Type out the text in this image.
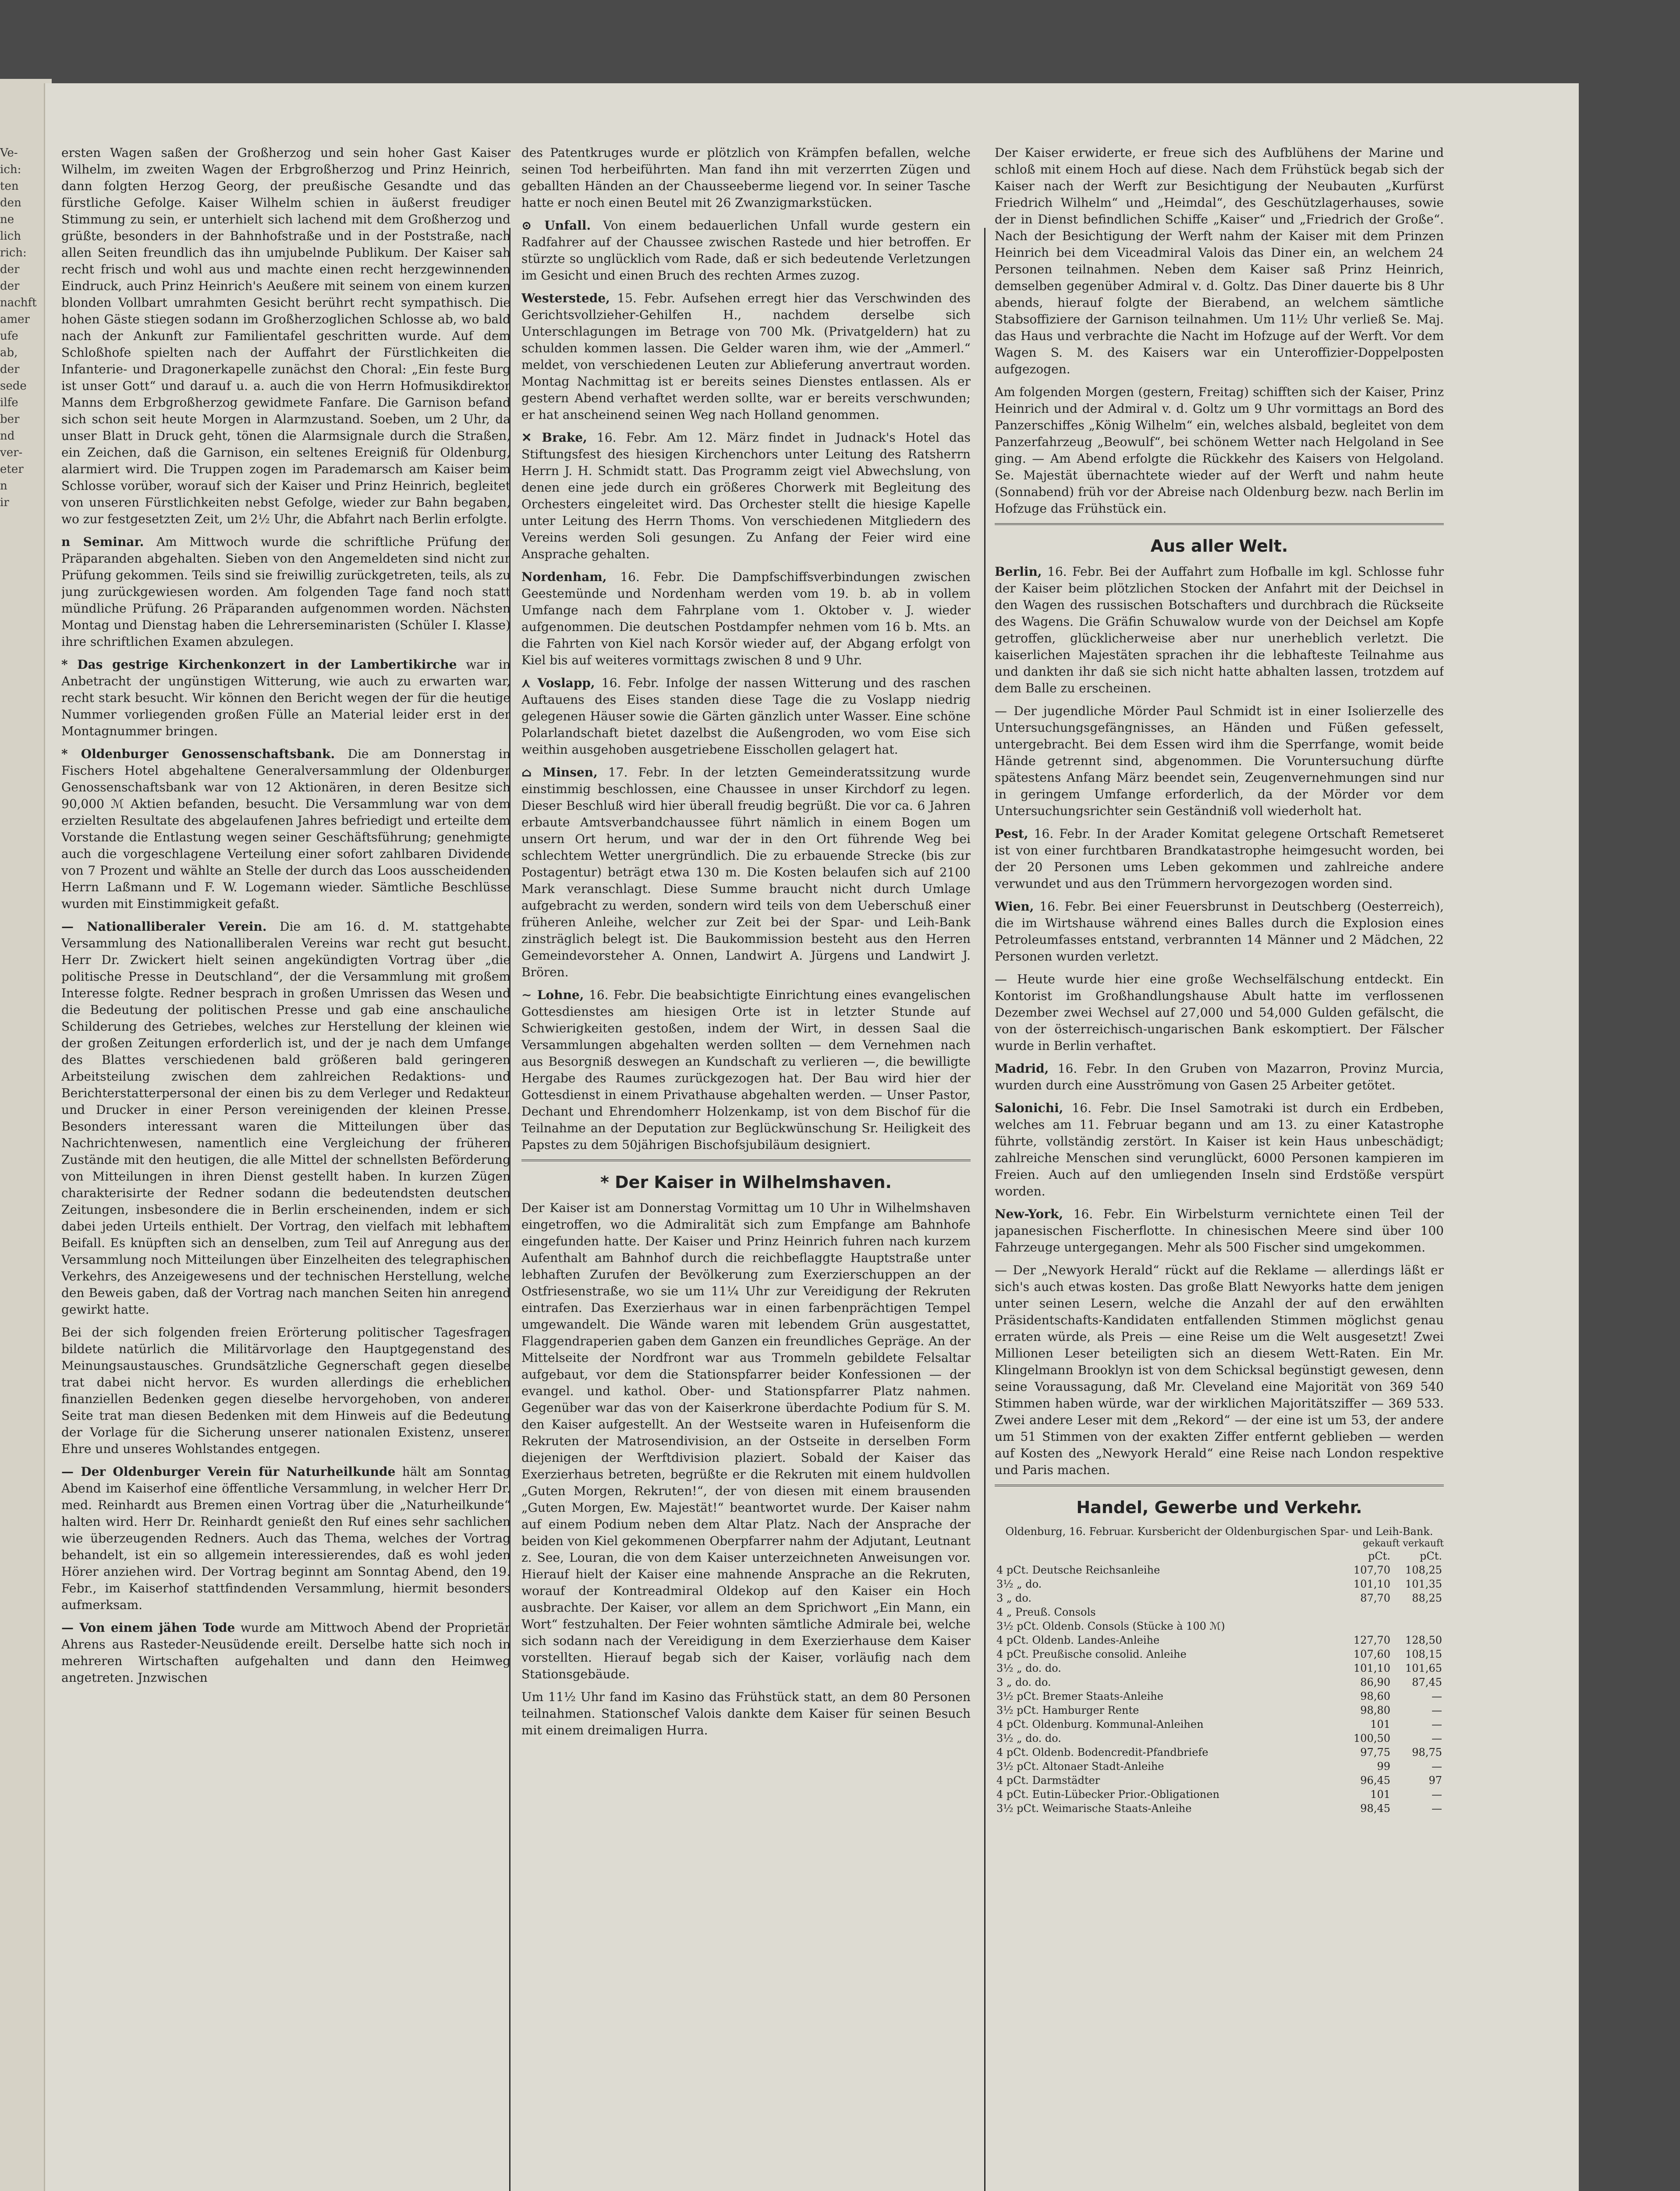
Ve-
ich:
ten
den
ne
lich
rich:
der
der
nachft
amer
ufe
ab,
der
sede
ilfe
ber
nd
ver-
eter
n
ir

ersten Wagen saßen der Großherzog und sein hoher Gast Kaiser Wilhelm, im zweiten Wagen der Erbgroßherzog und Prinz Heinrich, dann folgten Herzog Georg, der preußische Gesandte und das fürstliche Gefolge. Kaiser Wilhelm schien in äußerst freudiger Stimmung zu sein, er unterhielt sich lachend mit dem Großherzog und grüßte, besonders in der Bahnhofstraße und in der Poststraße, nach allen Seiten freundlich das ihn umjubelnde Publikum. Der Kaiser sah recht frisch und wohl aus und machte einen recht herzgewinnenden Eindruck, auch Prinz Heinrich's Aeußere mit seinem von einem kurzen blonden Vollbart umrahmten Gesicht berührt recht sympathisch. Die hohen Gäste stiegen sodann im Großherzoglichen Schlosse ab, wo bald nach der Ankunft zur Familientafel geschritten wurde. Auf dem Schloßhofe spielten nach der Auffahrt der Fürstlichkeiten die Infanterie- und Dragonerkapelle zunächst den Choral: „Ein feste Burg ist unser Gott“ und darauf u. a. auch die von Herrn Hofmusikdirektor Manns dem Erbgroßherzog gewidmete Fanfare. Die Garnison befand sich schon seit heute Morgen in Alarmzustand. Soeben, um 2 Uhr, da unser Blatt in Druck geht, tönen die Alarmsignale durch die Straßen, ein Zeichen, daß die Garnison, ein seltenes Ereigniß für Oldenburg, alarmiert wird. Die Truppen zogen im Parademarsch am Kaiser beim Schlosse vorüber, worauf sich der Kaiser und Prinz Heinrich, begleitet von unseren Fürstlichkeiten nebst Gefolge, wieder zur Bahn begaben, wo zur festgesetzten Zeit, um 2½ Uhr, die Abfahrt nach Berlin erfolgte.

n Seminar. Am Mittwoch wurde die schriftliche Prüfung der Präparanden abgehalten. Sieben von den Angemeldeten sind nicht zur Prüfung gekommen. Teils sind sie freiwillig zurückgetreten, teils, als zu jung zurückgewiesen worden. Am folgenden Tage fand noch statt mündliche Prüfung. 26 Präparanden aufgenommen worden. Nächsten Montag und Dienstag haben die Lehrerseminaristen (Schüler I. Klasse) ihre schriftlichen Examen abzulegen.

* Das gestrige Kirchenkonzert in der Lambertikirche war in Anbetracht der ungünstigen Witterung, wie auch zu erwarten war, recht stark besucht. Wir können den Bericht wegen der für die heutige Nummer vorliegenden großen Fülle an Material leider erst in der Montagnummer bringen.

* Oldenburger Genossenschaftsbank. Die am Donnerstag in Fischers Hotel abgehaltene Generalversammlung der Oldenburger Genossenschaftsbank war von 12 Aktionären, in deren Besitze sich 90,000 ℳ Aktien befanden, besucht. Die Versammlung war von dem erzielten Resultate des abgelaufenen Jahres befriedigt und erteilte dem Vorstande die Entlastung wegen seiner Geschäftsführung; genehmigte auch die vorgeschlagene Verteilung einer sofort zahlbaren Dividende von 7 Prozent und wählte an Stelle der durch das Loos ausscheidenden Herrn Laßmann und F. W. Logemann wieder. Sämtliche Beschlüsse wurden mit Einstimmigkeit gefaßt.

— Nationalliberaler Verein. Die am 16. d. M. stattgehabte Versammlung des Nationalliberalen Vereins war recht gut besucht. Herr Dr. Zwickert hielt seinen angekündigten Vortrag über „die politische Presse in Deutschland“, der die Versammlung mit großem Interesse folgte. Redner besprach in großen Umrissen das Wesen und die Bedeutung der politischen Presse und gab eine anschauliche Schilderung des Getriebes, welches zur Herstellung der kleinen wie der großen Zeitungen erforderlich ist, und der je nach dem Umfange des Blattes verschiedenen bald größeren bald geringeren Arbeitsteilung zwischen dem zahlreichen Redaktions- und Berichterstatterpersonal der einen bis zu dem Verleger und Redakteur und Drucker in einer Person vereinigenden der kleinen Presse. Besonders interessant waren die Mitteilungen über das Nachrichtenwesen, namentlich eine Vergleichung der früheren Zustände mit den heutigen, die alle Mittel der schnellsten Beförderung von Mitteilungen in ihren Dienst gestellt haben. In kurzen Zügen charakterisirte der Redner sodann die bedeutendsten deutschen Zeitungen, insbesondere die in Berlin erscheinenden, indem er sich dabei jeden Urteils enthielt. Der Vortrag, den vielfach mit lebhaftem Beifall. Es knüpften sich an denselben, zum Teil auf Anregung aus der Versammlung noch Mitteilungen über Einzelheiten des telegraphischen Verkehrs, des Anzeigewesens und der technischen Herstellung, welche den Beweis gaben, daß der Vortrag nach manchen Seiten hin anregend gewirkt hatte.

Bei der sich folgenden freien Erörterung politischer Tagesfragen bildete natürlich die Militärvorlage den Hauptgegenstand des Meinungsaustausches. Grundsätzliche Gegnerschaft gegen dieselbe trat dabei nicht hervor. Es wurden allerdings die erheblichen finanziellen Bedenken gegen dieselbe hervorgehoben, von anderer Seite trat man diesen Bedenken mit dem Hinweis auf die Bedeutung der Vorlage für die Sicherung unserer nationalen Existenz, unserer Ehre und unseres Wohlstandes entgegen.

— Der Oldenburger Verein für Naturheilkunde hält am Sonntag Abend im Kaiserhof eine öffentliche Versammlung, in welcher Herr Dr. med. Reinhardt aus Bremen einen Vortrag über die „Naturheilkunde“ halten wird. Herr Dr. Reinhardt genießt den Ruf eines sehr sachlichen wie überzeugenden Redners. Auch das Thema, welches der Vortrag behandelt, ist ein so allgemein interessierendes, daß es wohl jeden Hörer anziehen wird. Der Vortrag beginnt am Sonntag Abend, den 19. Febr., im Kaiserhof stattfindenden Versammlung, hiermit besonders aufmerksam.

— Von einem jähen Tode wurde am Mittwoch Abend der Proprietär Ahrens aus Rasteder-Neusüdende ereilt. Derselbe hatte sich noch in mehreren Wirtschaften aufgehalten und dann den Heimweg angetreten. Jnzwischen

des Patentkruges wurde er plötzlich von Krämpfen befallen, welche seinen Tod herbeiführten. Man fand ihn mit verzerrten Zügen und geballten Händen an der Chausseeberme liegend vor. In seiner Tasche hatte er noch einen Beutel mit 26 Zwanzigmarkstücken.

⊙ Unfall. Von einem bedauerlichen Unfall wurde gestern ein Radfahrer auf der Chaussee zwischen Rastede und hier betroffen. Er stürzte so unglücklich vom Rade, daß er sich bedeutende Verletzungen im Gesicht und einen Bruch des rechten Armes zuzog.

Westerstede, 15. Febr. Aufsehen erregt hier das Verschwinden des Gerichtsvollzieher-Gehilfen H., nachdem derselbe sich Unterschlagungen im Betrage von 700 Mk. (Privatgeldern) hat zu schulden kommen lassen. Die Gelder waren ihm, wie der „Ammerl.“ meldet, von verschiedenen Leuten zur Ablieferung anvertraut worden. Montag Nachmittag ist er bereits seines Dienstes entlassen. Als er gestern Abend verhaftet werden sollte, war er bereits verschwunden; er hat anscheinend seinen Weg nach Holland genommen.

✕ Brake, 16. Febr. Am 12. März findet in Judnack's Hotel das Stiftungsfest des hiesigen Kirchenchors unter Leitung des Ratsherrn Herrn J. H. Schmidt statt. Das Programm zeigt viel Abwechslung, von denen eine jede durch ein größeres Chorwerk mit Begleitung des Orchesters eingeleitet wird. Das Orchester stellt die hiesige Kapelle unter Leitung des Herrn Thoms. Von verschiedenen Mitgliedern des Vereins werden Soli gesungen. Zu Anfang der Feier wird eine Ansprache gehalten.

Nordenham, 16. Febr. Die Dampfschiffsverbindungen zwischen Geestemünde und Nordenham werden vom 19. b. ab in vollem Umfange nach dem Fahrplane vom 1. Oktober v. J. wieder aufgenommen. Die deutschen Postdampfer nehmen vom 16 b. Mts. an die Fahrten von Kiel nach Korsör wieder auf, der Abgang erfolgt von Kiel bis auf weiteres vormittags zwischen 8 und 9 Uhr.

⋏ Voslapp, 16. Febr. Infolge der nassen Witterung und des raschen Auftauens des Eises standen diese Tage die zu Voslapp niedrig gelegenen Häuser sowie die Gärten gänzlich unter Wasser. Eine schöne Polarlandschaft bietet dazelbst die Außengroden, wo vom Eise sich weithin ausgehoben ausgetriebene Eisschollen gelagert hat.

⌂ Minsen, 17. Febr. In der letzten Gemeinderatssitzung wurde einstimmig beschlossen, eine Chaussee in unser Kirchdorf zu legen. Dieser Beschluß wird hier überall freudig begrüßt. Die vor ca. 6 Jahren erbaute Amtsverbandchaussee führt nämlich in einem Bogen um unsern Ort herum, und war der in den Ort führende Weg bei schlechtem Wetter unergründlich. Die zu erbauende Strecke (bis zur Postagentur) beträgt etwa 130 m. Die Kosten belaufen sich auf 2100 Mark veranschlagt. Diese Summe braucht nicht durch Umlage aufgebracht zu werden, sondern wird teils von dem Ueberschuß einer früheren Anleihe, welcher zur Zeit bei der Spar- und Leih-Bank zinsträglich belegt ist. Die Baukommission besteht aus den Herren Gemeindevorsteher A. Onnen, Landwirt A. Jürgens und Landwirt J. Brören.

∼ Lohne, 16. Febr. Die beabsichtigte Einrichtung eines evangelischen Gottesdienstes am hiesigen Orte ist in letzter Stunde auf Schwierigkeiten gestoßen, indem der Wirt, in dessen Saal die Versammlungen abgehalten werden sollten — dem Vernehmen nach aus Besorgniß deswegen an Kundschaft zu verlieren —, die bewilligte Hergabe des Raumes zurückgezogen hat. Der Bau wird hier der Gottesdienst in einem Privathause abgehalten werden. — Unser Pastor, Dechant und Ehrendomherr Holzenkamp, ist von dem Bischof für die Teilnahme an der Deputation zur Beglückwünschung Sr. Heiligkeit des Papstes zu dem 50jährigen Bischofsjubiläum designiert.

* Der Kaiser in Wilhelmshaven.

Der Kaiser ist am Donnerstag Vormittag um 10 Uhr in Wilhelmshaven eingetroffen, wo die Admiralität sich zum Empfange am Bahnhofe eingefunden hatte. Der Kaiser und Prinz Heinrich fuhren nach kurzem Aufenthalt am Bahnhof durch die reichbeflaggte Hauptstraße unter lebhaften Zurufen der Bevölkerung zum Exerzierschuppen an der Ostfriesenstraße, wo sie um 11¼ Uhr zur Vereidigung der Rekruten eintrafen. Das Exerzierhaus war in einen farbenprächtigen Tempel umgewandelt. Die Wände waren mit lebendem Grün ausgestattet, Flaggendraperien gaben dem Ganzen ein freundliches Gepräge. An der Mittelseite der Nordfront war aus Trommeln gebildete Felsaltar aufgebaut, vor dem die Stationspfarrer beider Konfessionen — der evangel. und kathol. Ober- und Stationspfarrer Platz nahmen. Gegenüber war das von der Kaiserkrone überdachte Podium für S. M. den Kaiser aufgestellt. An der Westseite waren in Hufeisenform die Rekruten der Matrosendivision, an der Ostseite in derselben Form diejenigen der Werftdivision plaziert. Sobald der Kaiser das Exerzierhaus betreten, begrüßte er die Rekruten mit einem huldvollen „Guten Morgen, Rekruten!“, der von diesen mit einem brausenden „Guten Morgen, Ew. Majestät!“ beantwortet wurde. Der Kaiser nahm auf einem Podium neben dem Altar Platz. Nach der Ansprache der beiden von Kiel gekommenen Oberpfarrer nahm der Adjutant, Leutnant z. See, Louran, die von dem Kaiser unterzeichneten Anweisungen vor. Hierauf hielt der Kaiser eine mahnende Ansprache an die Rekruten, worauf der Kontreadmiral Oldekop auf den Kaiser ein Hoch ausbrachte. Der Kaiser, vor allem an dem Sprichwort „Ein Mann, ein Wort“ festzuhalten. Der Feier wohnten sämtliche Admirale bei, welche sich sodann nach der Vereidigung in dem Exerzierhause dem Kaiser vorstellten. Hierauf begab sich der Kaiser, vorläufig nach dem Stationsgebäude.

Um 11½ Uhr fand im Kasino das Frühstück statt, an dem 80 Personen teilnahmen. Stationschef Valois dankte dem Kaiser für seinen Besuch mit einem dreimaligen Hurra.

Der Kaiser erwiderte, er freue sich des Aufblühens der Marine und schloß mit einem Hoch auf diese. Nach dem Frühstück begab sich der Kaiser nach der Werft zur Besichtigung der Neubauten „Kurfürst Friedrich Wilhelm“ und „Heimdal“, des Geschützlagerhauses, sowie der in Dienst befindlichen Schiffe „Kaiser“ und „Friedrich der Große“. Nach der Besichtigung der Werft nahm der Kaiser mit dem Prinzen Heinrich bei dem Viceadmiral Valois das Diner ein, an welchem 24 Personen teilnahmen. Neben dem Kaiser saß Prinz Heinrich, demselben gegenüber Admiral v. d. Goltz. Das Diner dauerte bis 8 Uhr abends, hierauf folgte der Bierabend, an welchem sämtliche Stabsoffiziere der Garnison teilnahmen. Um 11½ Uhr verließ Se. Maj. das Haus und verbrachte die Nacht im Hofzuge auf der Werft. Vor dem Wagen S. M. des Kaisers war ein Unteroffizier-Doppelposten aufgezogen.

Am folgenden Morgen (gestern, Freitag) schifften sich der Kaiser, Prinz Heinrich und der Admiral v. d. Goltz um 9 Uhr vormittags an Bord des Panzerschiffes „König Wilhelm“ ein, welches alsbald, begleitet von dem Panzerfahrzeug „Beowulf“, bei schönem Wetter nach Helgoland in See ging. — Am Abend erfolgte die Rückkehr des Kaisers von Helgoland. Se. Majestät übernachtete wieder auf der Werft und nahm heute (Sonnabend) früh vor der Abreise nach Oldenburg bezw. nach Berlin im Hofzuge das Frühstück ein.

Aus aller Welt.

Berlin, 16. Febr. Bei der Auffahrt zum Hofballe im kgl. Schlosse fuhr der Kaiser beim plötzlichen Stocken der Anfahrt mit der Deichsel in den Wagen des russischen Botschafters und durchbrach die Rückseite des Wagens. Die Gräfin Schuwalow wurde von der Deichsel am Kopfe getroffen, glücklicherweise aber nur unerheblich verletzt. Die kaiserlichen Majestäten sprachen ihr die lebhafteste Teilnahme aus und dankten ihr daß sie sich nicht hatte abhalten lassen, trotzdem auf dem Balle zu erscheinen.

— Der jugendliche Mörder Paul Schmidt ist in einer Isolierzelle des Untersuchungsgefängnisses, an Händen und Füßen gefesselt, untergebracht. Bei dem Essen wird ihm die Sperrfange, womit beide Hände getrennt sind, abgenommen. Die Voruntersuchung dürfte spätestens Anfang März beendet sein, Zeugenvernehmungen sind nur in geringem Umfange erforderlich, da der Mörder vor dem Untersuchungsrichter sein Geständniß voll wiederholt hat.

Pest, 16. Febr. In der Arader Komitat gelegene Ortschaft Remetseret ist von einer furchtbaren Brandkatastrophe heimgesucht worden, bei der 20 Personen ums Leben gekommen und zahlreiche andere verwundet und aus den Trümmern hervorgezogen worden sind.

Wien, 16. Febr. Bei einer Feuersbrunst in Deutschberg (Oesterreich), die im Wirtshause während eines Balles durch die Explosion eines Petroleumfasses entstand, verbrannten 14 Männer und 2 Mädchen, 22 Personen wurden verletzt.

— Heute wurde hier eine große Wechselfälschung entdeckt. Ein Kontorist im Großhandlungshause Abult hatte im verflossenen Dezember zwei Wechsel auf 27,000 und 54,000 Gulden gefälscht, die von der österreichisch-ungarischen Bank eskomptiert. Der Fälscher wurde in Berlin verhaftet.

Madrid, 16. Febr. In den Gruben von Mazarron, Provinz Murcia, wurden durch eine Ausströmung von Gasen 25 Arbeiter getötet.

Salonichi, 16. Febr. Die Insel Samotraki ist durch ein Erdbeben, welches am 11. Februar begann und am 13. zu einer Katastrophe führte, vollständig zerstört. In Kaiser ist kein Haus unbeschädigt; zahlreiche Menschen sind verunglückt, 6000 Personen kampieren im Freien. Auch auf den umliegenden Inseln sind Erdstöße verspürt worden.

New-York, 16. Febr. Ein Wirbelsturm vernichtete einen Teil der japanesischen Fischerflotte. In chinesischen Meere sind über 100 Fahrzeuge untergegangen. Mehr als 500 Fischer sind umgekommen.

— Der „Newyork Herald“ rückt auf die Reklame — allerdings läßt er sich's auch etwas kosten. Das große Blatt Newyorks hatte dem jenigen unter seinen Lesern, welche die Anzahl der auf den erwählten Präsidentschafts-Kandidaten entfallenden Stimmen möglichst genau erraten würde, als Preis — eine Reise um die Welt ausgesetzt! Zwei Millionen Leser beteiligten sich an diesem Wett-Raten. Ein Mr. Klingelmann Brooklyn ist von dem Schicksal begünstigt gewesen, denn seine Voraussagung, daß Mr. Cleveland eine Majorität von 369 540 Stimmen haben würde, war der wirklichen Majoritätsziffer — 369 533. Zwei andere Leser mit dem „Rekord“ — der eine ist um 53, der andere um 51 Stimmen von der exakten Ziffer entfernt geblieben — werden auf Kosten des „Newyork Herald“ eine Reise nach London respektive und Paris machen.

Handel, Gewerbe und Verkehr.
Oldenburg, 16. Februar. Kursbericht der Oldenburgischen Spar- und Leih-Bank.
gekauft verkauft
	pCt.	pCt.
4 pCt. Deutsche Reichsanleihe	107,70	108,25
3½ „ do.	101,10	101,35
3 „ do.	87,70	88,25
4 „ Preuß. Consols		
3½ pCt. Oldenb. Consols (Stücke à 100 ℳ)		
4 pCt. Oldenb. Landes-Anleihe	127,70	128,50
4 pCt. Preußische consolid. Anleihe	107,60	108,15
3½ „ do. do.	101,10	101,65
3 „ do. do.	86,90	87,45
3½ pCt. Bremer Staats-Anleihe	98,60	—
3½ pCt. Hamburger Rente	98,80	—
4 pCt. Oldenburg. Kommunal-Anleihen	101	—
3½ „ do. do.	100,50	—
4 pCt. Oldenb. Bodencredit-Pfandbriefe	97,75	98,75
3½ pCt. Altonaer Stadt-Anleihe	99	—
4 pCt. Darmstädter	96,45	97
4 pCt. Eutin-Lübecker Prior.-Obligationen	101	—
3½ pCt. Weimarische Staats-Anleihe	98,45	—
